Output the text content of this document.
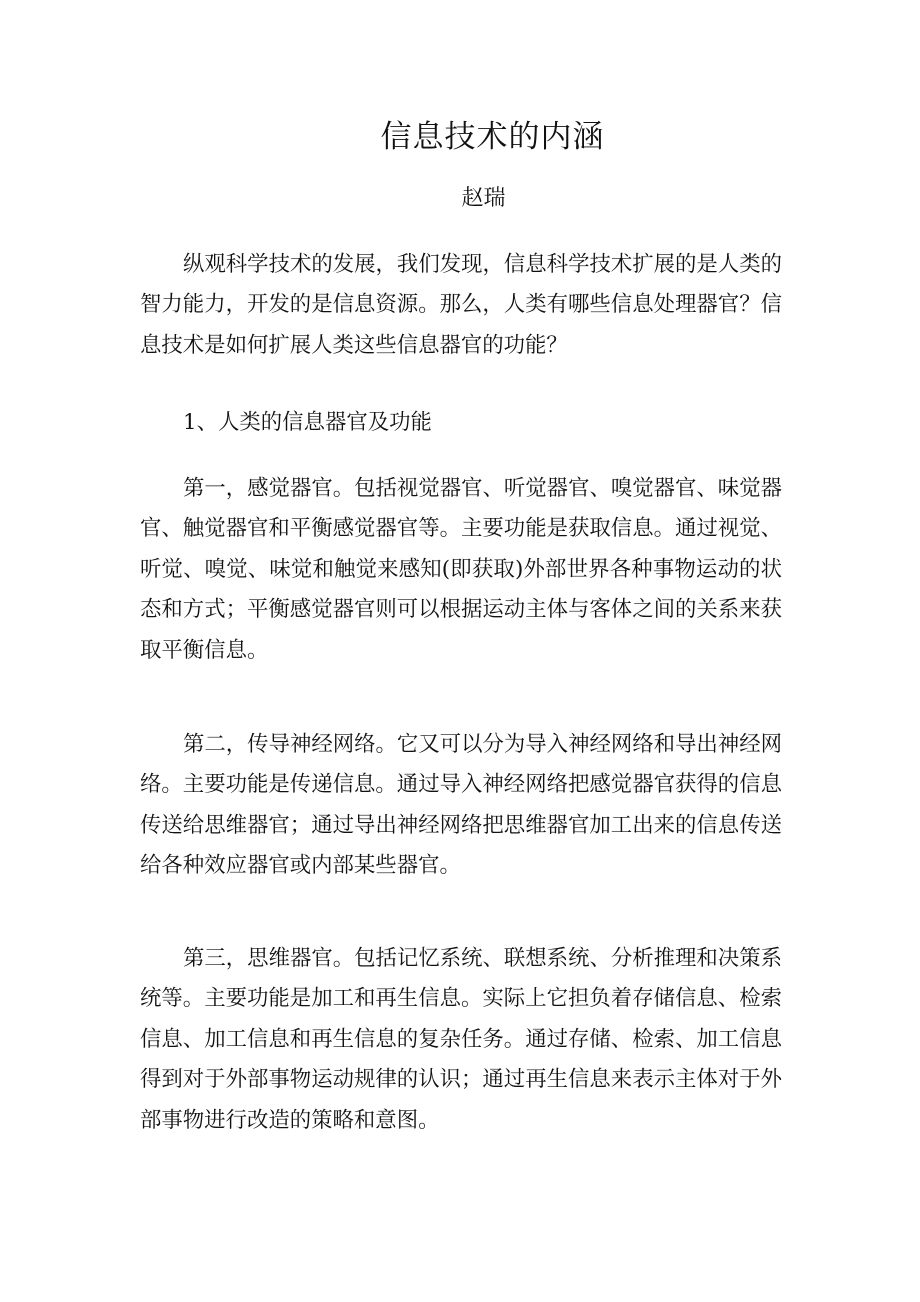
信息技术的内涵
赵瑞

纵观科学技术的发展，我们发现，信息科学技术扩展的是人类的智力能力，开发的是信息资源。那么，人类有哪些信息处理器官？信息技术是如何扩展人类这些信息器官的功能？

1、人类的信息器官及功能

第一，感觉器官。包括视觉器官、听觉器官、嗅觉器官、味觉器官、触觉器官和平衡感觉器官等。主要功能是获取信息。通过视觉、听觉、嗅觉、味觉和触觉来感知(即获取)外部世界各种事物运动的状态和方式；平衡感觉器官则可以根据运动主体与客体之间的关系来获取平衡信息。

第二，传导神经网络。它又可以分为导入神经网络和导出神经网络。主要功能是传递信息。通过导入神经网络把感觉器官获得的信息传送给思维器官；通过导出神经网络把思维器官加工出来的信息传送给各种效应器官或内部某些器官。

第三，思维器官。包括记忆系统、联想系统、分析推理和决策系统等。主要功能是加工和再生信息。实际上它担负着存储信息、检索信息、加工信息和再生信息的复杂任务。通过存储、检索、加工信息得到对于外部事物运动规律的认识；通过再生信息来表示主体对于外部事物进行改造的策略和意图。
